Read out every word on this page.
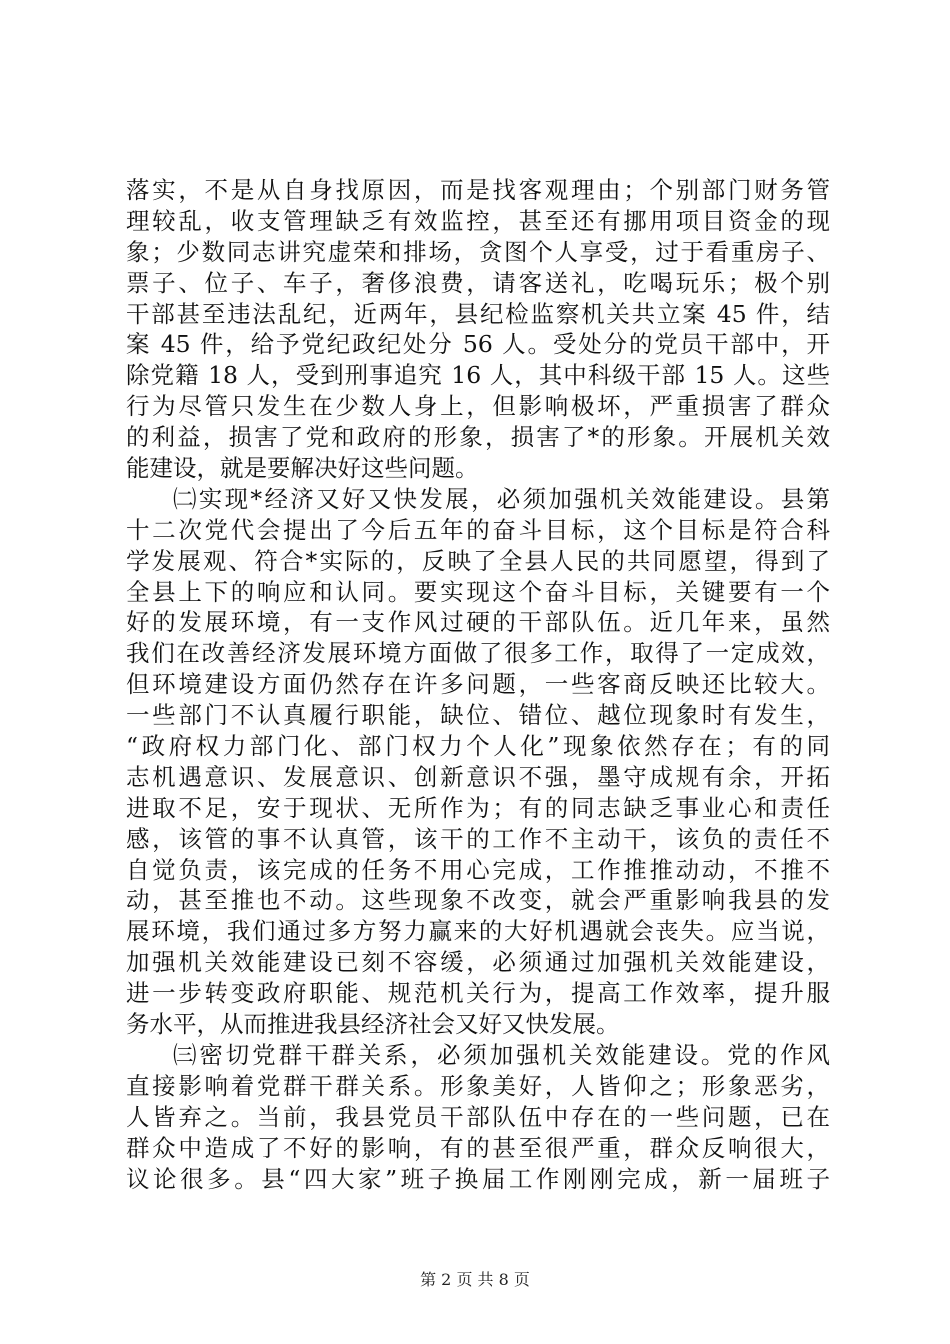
落实，不是从自身找原因，而是找客观理由；个别部门财务管
理较乱，收支管理缺乏有效监控，甚至还有挪用项目资金的现
象；少数同志讲究虚荣和排场，贪图个人享受，过于看重房子、
票子、位子、车子，奢侈浪费，请客送礼，吃喝玩乐；极个别
干部甚至违法乱纪，近两年，县纪检监察机关共立案 45 件，结
案 45 件，给予党纪政纪处分 56 人。受处分的党员干部中，开
除党籍 18 人，受到刑事追究 16 人，其中科级干部 15 人。这些
行为尽管只发生在少数人身上，但影响极坏，严重损害了群众
的利益，损害了党和政府的形象，损害了*的形象。开展机关效
能建设，就是要解决好这些问题。
㈡实现*经济又好又快发展，必须加强机关效能建设。县第
十二次党代会提出了今后五年的奋斗目标，这个目标是符合科
学发展观、符合*实际的，反映了全县人民的共同愿望，得到了
全县上下的响应和认同。要实现这个奋斗目标，关键要有一个
好的发展环境，有一支作风过硬的干部队伍。近几年来，虽然
我们在改善经济发展环境方面做了很多工作，取得了一定成效，
但环境建设方面仍然存在许多问题，一些客商反映还比较大。
一些部门不认真履行职能，缺位、错位、越位现象时有发生，
“政府权力部门化、部门权力个人化”现象依然存在；有的同
志机遇意识、发展意识、创新意识不强，墨守成规有余，开拓
进取不足，安于现状、无所作为；有的同志缺乏事业心和责任
感，该管的事不认真管，该干的工作不主动干，该负的责任不
自觉负责，该完成的任务不用心完成，工作推推动动，不推不
动，甚至推也不动。这些现象不改变，就会严重影响我县的发
展环境，我们通过多方努力赢来的大好机遇就会丧失。应当说，
加强机关效能建设已刻不容缓，必须通过加强机关效能建设，
进一步转变政府职能、规范机关行为，提高工作效率，提升服
务水平，从而推进我县经济社会又好又快发展。
㈢密切党群干群关系，必须加强机关效能建设。党的作风
直接影响着党群干群关系。形象美好，人皆仰之；形象恶劣，
人皆弃之。当前，我县党员干部队伍中存在的一些问题，已在
群众中造成了不好的影响，有的甚至很严重，群众反响很大，
议论很多。县“四大家”班子换届工作刚刚完成，新一届班子
第 2 页 共 8 页
